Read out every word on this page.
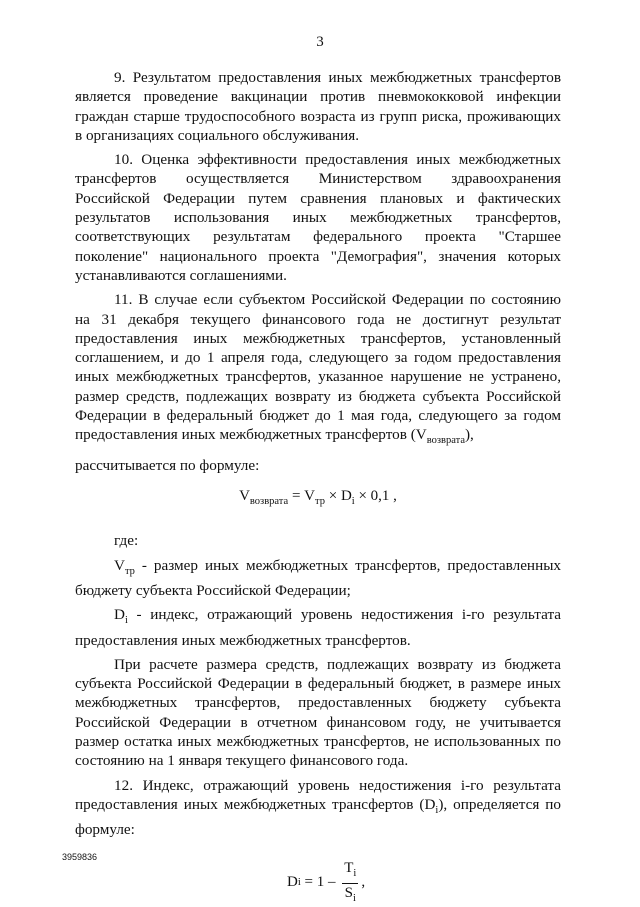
3

9. Результатом предоставления иных межбюджетных трансфертов является проведение вакцинации против пневмококковой инфекции граждан старше трудоспособного возраста из групп риска, проживающих в организациях социального обслуживания.

10. Оценка эффективности предоставления иных межбюджетных трансфертов осуществляется Министерством здравоохранения Российской Федерации путем сравнения плановых и фактических результатов использования иных межбюджетных трансфертов, соответствующих результатам федерального проекта "Старшее поколение" национального проекта "Демография", значения которых устанавливаются соглашениями.

11. В случае если субъектом Российской Федерации по состоянию на 31 декабря текущего финансового года не достигнут результат предоставления иных межбюджетных трансфертов, установленный соглашением, и до 1 апреля года, следующего за годом предоставления иных межбюджетных трансфертов, указанное нарушение не устранено, размер средств, подлежащих возврату из бюджета субъекта Российской Федерации в федеральный бюджет до 1 мая года, следующего за годом предоставления иных межбюджетных трансфертов $(V_{возврата})$,

рассчитывается по формуле:

$V_{возврата} = V_{тр} \times D_i \times 0,1$ ,

где:

$V_{тр}$ - размер иных межбюджетных трансфертов, предоставленных бюджету субъекта Российской Федерации;

$D_i$ - индекс, отражающий уровень недостижения i-го результата предоставления иных межбюджетных трансфертов.

При расчете размера средств, подлежащих возврату из бюджета субъекта Российской Федерации в федеральный бюджет, в размере иных межбюджетных трансфертов, предоставленных бюджету субъекта Российской Федерации в отчетном финансовом году, не учитывается размер остатка иных межбюджетных трансфертов, не использованных по состоянию на 1 января текущего финансового года.

12. Индекс, отражающий уровень недостижения i-го результата предоставления иных межбюджетных трансфертов $(D_i)$, определяется по формуле:

D $i = 1 - \frac{T_i}{S_i}$ ,
3959836
